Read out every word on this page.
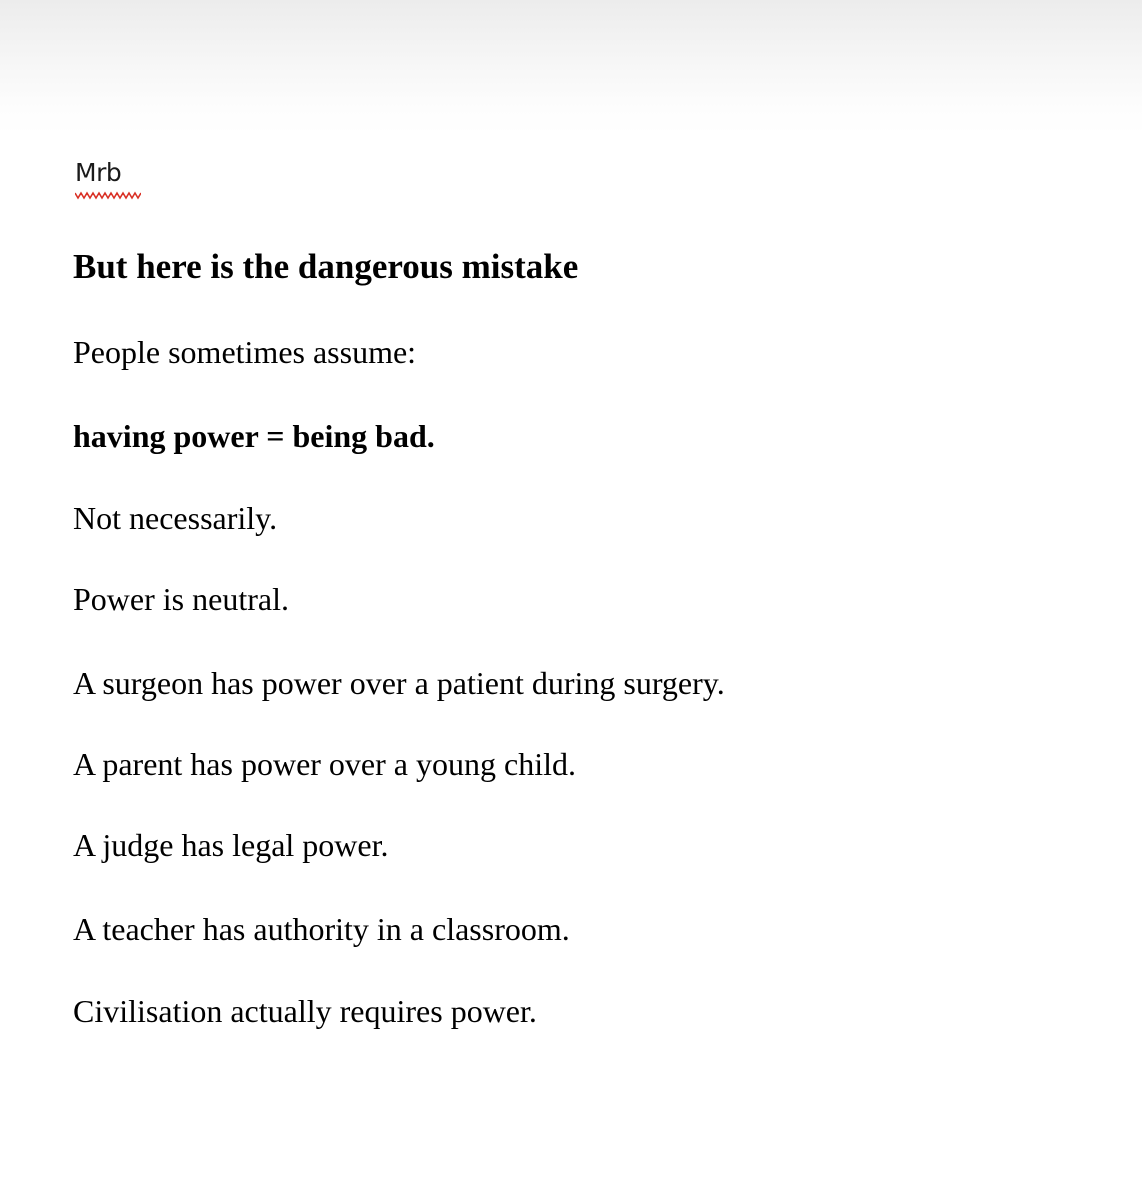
Mrb
But here is the dangerous mistake
People sometimes assume:
having power = being bad.
Not necessarily.
Power is neutral.
A surgeon has power over a patient during surgery.
A parent has power over a young child.
A judge has legal power.
A teacher has authority in a classroom.
Civilisation actually requires power.
